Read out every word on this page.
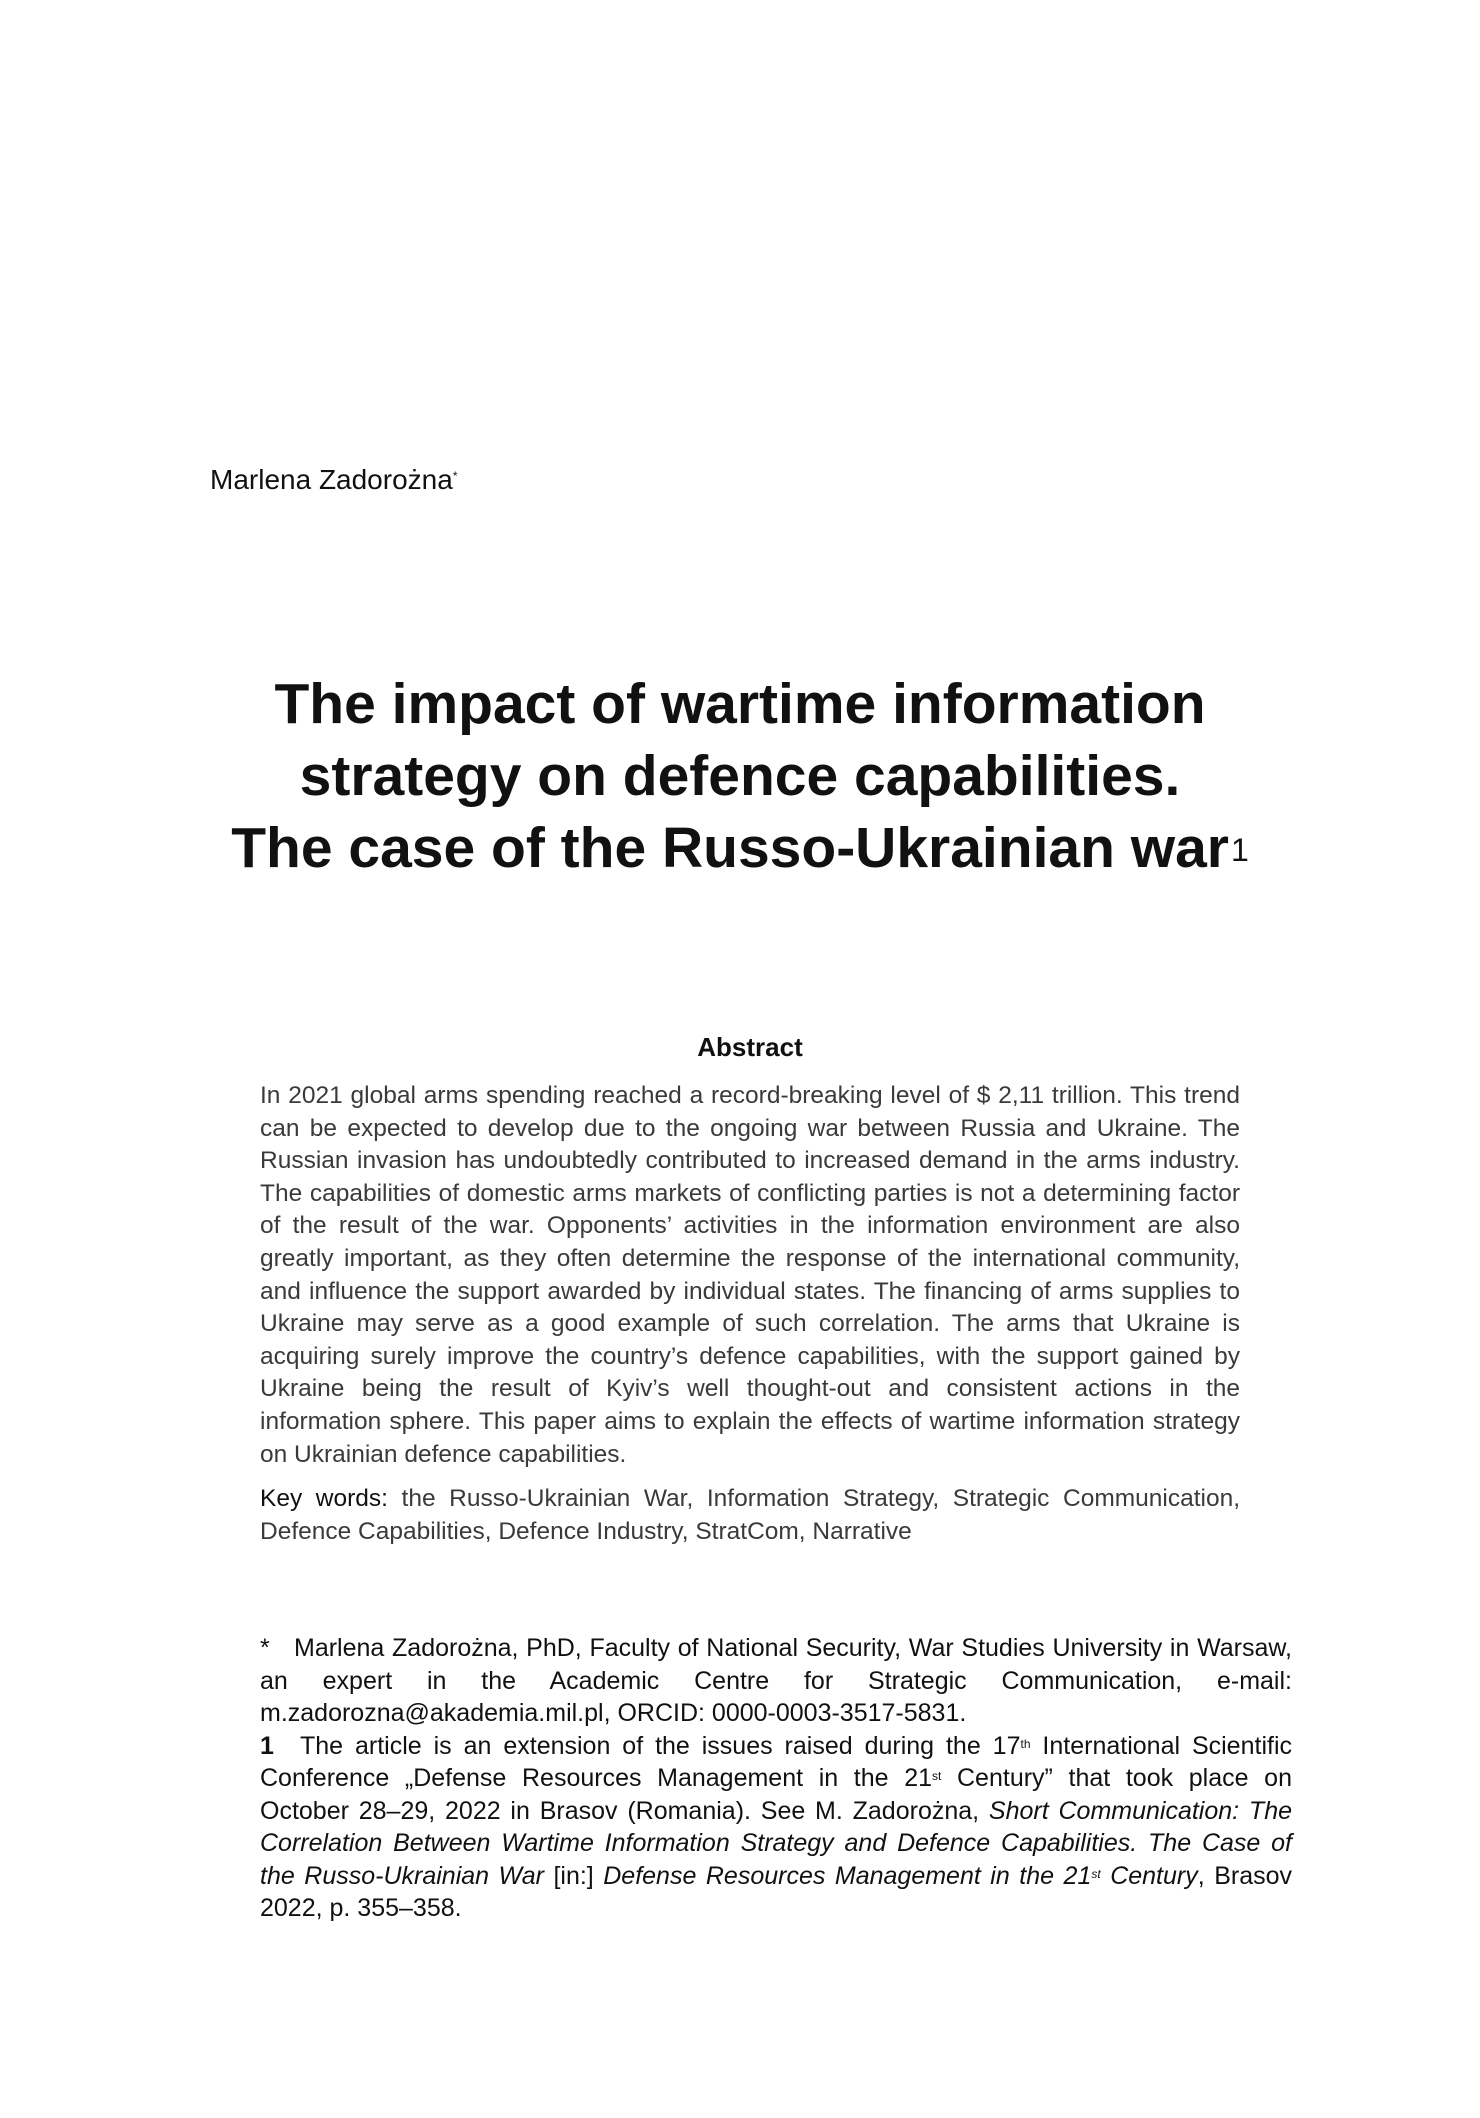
Marlena Zadorożna*
The impact of wartime information
strategy on defence capabilities.
The case of the Russo-Ukrainian war$^1$
Abstract

In 2021 global arms spending reached a record-breaking level of $ 2,11 trillion. This trend can be expected to develop due to the ongoing war between Russia and Ukraine. The Russian invasion has undoubtedly contributed to increased demand in the arms industry. The capabilities of domestic arms markets of conflicting parties is not a determining factor of the result of the war. Opponents’ activities in the information environment are also greatly important, as they often determine the response of the international community, and influence the support awarded by individual states. The financing of arms supplies to Ukraine may serve as a good example of such correlation. The arms that Ukraine is acquiring surely improve the country’s defence capabilities, with the support gained by Ukraine being the result of Kyiv’s well thought-out and consistent actions in the information sphere. This paper aims to explain the effects of wartime information strategy on Ukrainian defence capabilities.

Key words: the Russo-Ukrainian War, Information Strategy, Strategic Communication, Defence Capabilities, Defence Industry, StratCom, Narrative

* Marlena Zadorożna, PhD, Faculty of National Security, War Studies University in Warsaw, an expert in the Academic Centre for Strategic Communication, e-mail: m.zadorozna@akademia.mil.pl, ORCID: 0000-0003-3517-5831.

1 The article is an extension of the issues raised during the 17th International Scientific Conference „Defense Resources Management in the 21st Century” that took place on October 28–29, 2022 in Brasov (Romania). See M. Zadorożna, Short Communication: The Correlation Between Wartime Information Strategy and Defence Capabilities. The Case of the Russo-Ukrainian War [in:] Defense Resources Management in the 21st Century, Brasov 2022, p. 355–358.
